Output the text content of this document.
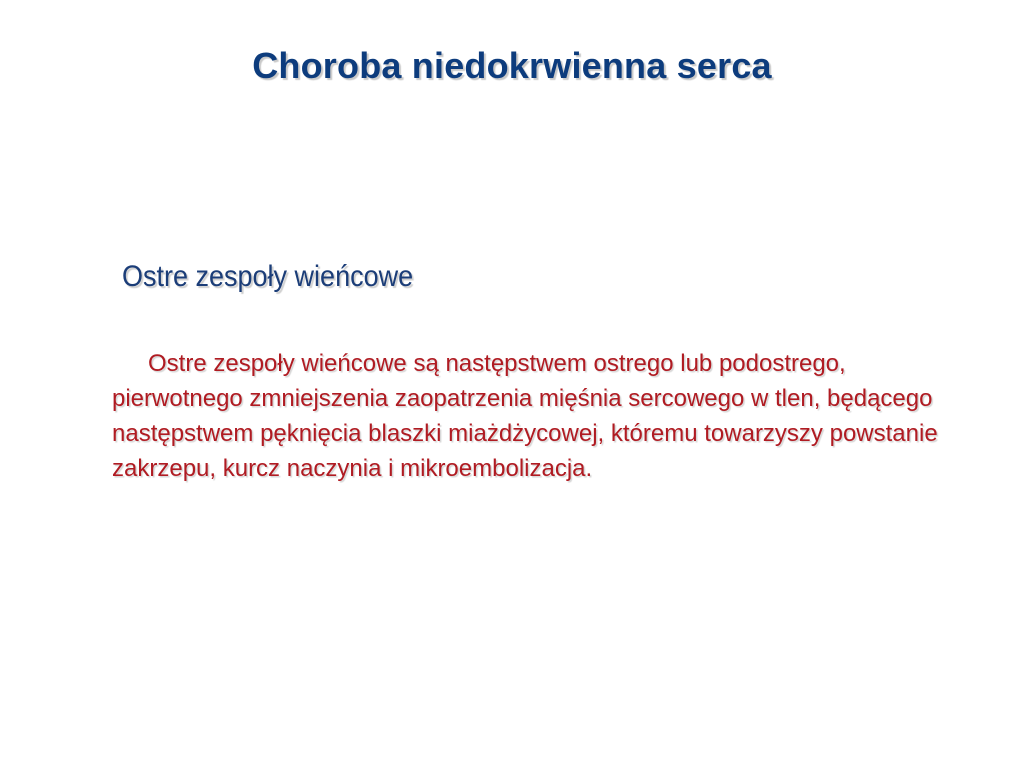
Choroba niedokrwienna serca
Ostre zespoły wieńcowe

Ostre zespoły wieńcowe są następstwem ostrego lub podostrego, pierwotnego zmniejszenia zaopatrzenia mięśnia sercowego w tlen, będącego następstwem pęknięcia blaszki miażdżycowej, któremu towarzyszy powstanie zakrzepu, kurcz naczynia i mikroembolizacja.
